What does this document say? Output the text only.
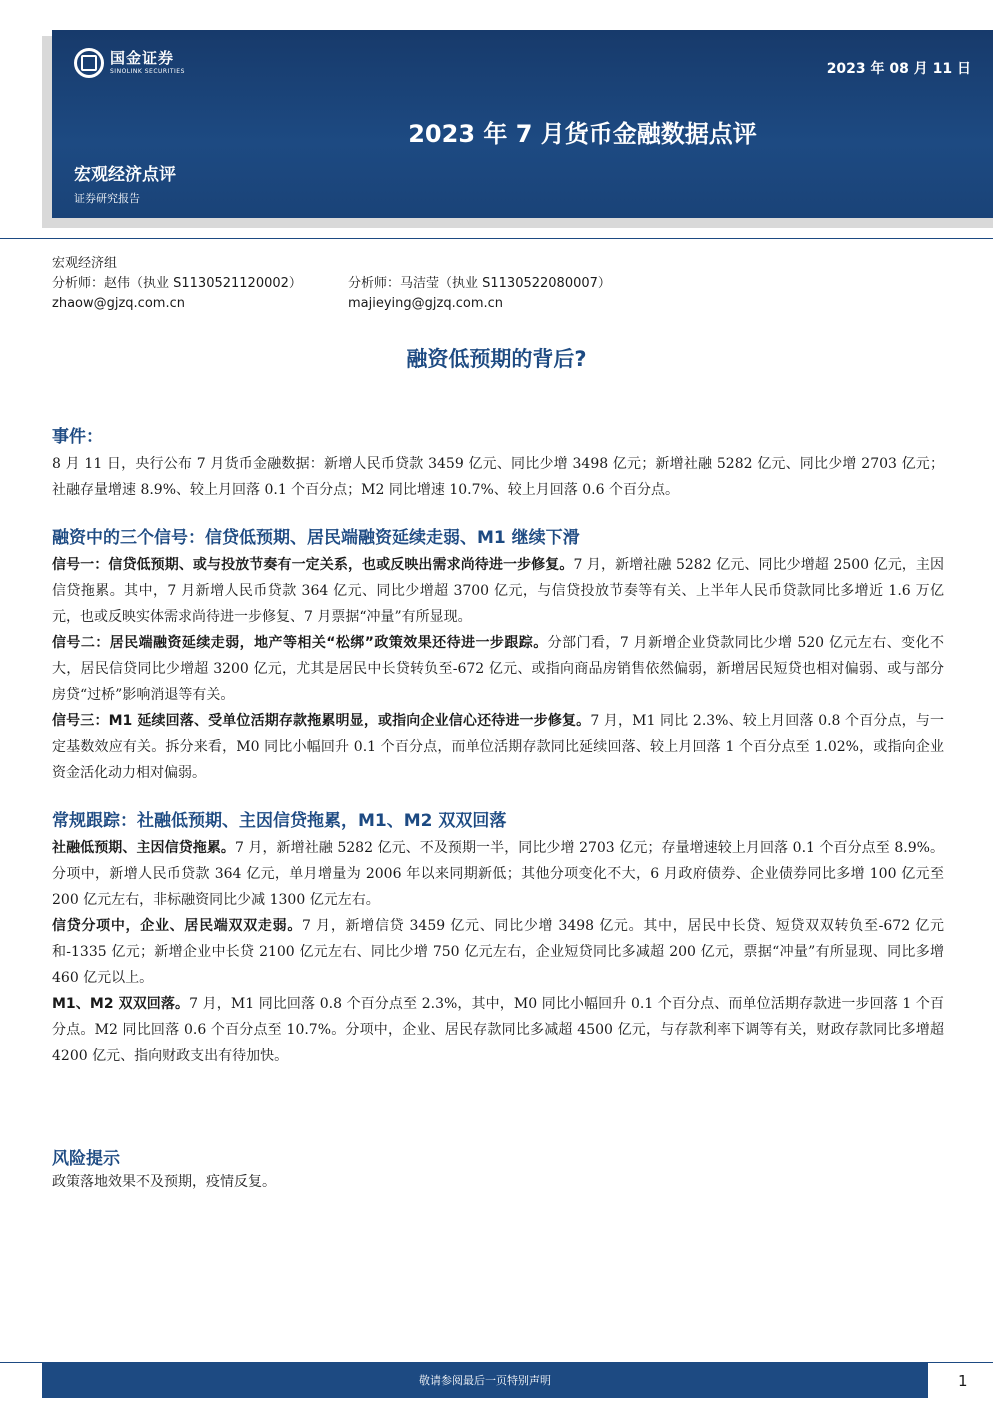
国金证券
SINOLINK SECURITIES	2023 年 08 月 11 日
2023 年 7 月货币金融数据点评
宏观经济点评
证券研究报告
宏观经济组
分析师：赵伟（执业 S1130521120002）
zhaow@gjzq.com.cn
分析师：马洁莹（执业 S1130522080007）
majieying@gjzq.com.cn
融资低预期的背后?
事件：

8 月 11 日，央行公布 7 月货币金融数据：新增人民币贷款 3459 亿元、同比少增 3498 亿元；新增社融 5282 亿元、同比少增 2703 亿元；社融存量增速 8.9%、较上月回落 0.1 个百分点；M2 同比增速 10.7%、较上月回落 0.6 个百分点。

融资中的三个信号：信贷低预期、居民端融资延续走弱、M1 继续下滑

信号一：信贷低预期、或与投放节奏有一定关系，也或反映出需求尚待进一步修复。7 月，新增社融 5282 亿元、同比少增超 2500 亿元，主因信贷拖累。其中，7 月新增人民币贷款 364 亿元、同比少增超 3700 亿元，与信贷投放节奏等有关、上半年人民币贷款同比多增近 1.6 万亿元，也或反映实体需求尚待进一步修复、7 月票据“冲量”有所显现。

信号二：居民端融资延续走弱，地产等相关“松绑”政策效果还待进一步跟踪。分部门看，7 月新增企业贷款同比少增 520 亿元左右、变化不大，居民信贷同比少增超 3200 亿元，尤其是居民中长贷转负至-672 亿元、或指向商品房销售依然偏弱，新增居民短贷也相对偏弱、或与部分房贷“过桥”影响消退等有关。

信号三：M1 延续回落、受单位活期存款拖累明显，或指向企业信心还待进一步修复。7 月，M1 同比 2.3%、较上月回落 0.8 个百分点，与一定基数效应有关。拆分来看，M0 同比小幅回升 0.1 个百分点，而单位活期存款同比延续回落、较上月回落 1 个百分点至 1.02%，或指向企业资金活化动力相对偏弱。

常规跟踪：社融低预期、主因信贷拖累，M1、M2 双双回落

社融低预期、主因信贷拖累。7 月，新增社融 5282 亿元、不及预期一半，同比少增 2703 亿元；存量增速较上月回落 0.1 个百分点至 8.9%。分项中，新增人民币贷款 364 亿元，单月增量为 2006 年以来同期新低；其他分项变化不大，6 月政府债券、企业债券同比多增 100 亿元至 200 亿元左右，非标融资同比少减 1300 亿元左右。

信贷分项中，企业、居民端双双走弱。7 月，新增信贷 3459 亿元、同比少增 3498 亿元。其中，居民中长贷、短贷双双转负至-672 亿元和-1335 亿元；新增企业中长贷 2100 亿元左右、同比少增 750 亿元左右，企业短贷同比多减超 200 亿元，票据“冲量”有所显现、同比多增 460 亿元以上。

M1、M2 双双回落。7 月，M1 同比回落 0.8 个百分点至 2.3%，其中，M0 同比小幅回升 0.1 个百分点、而单位活期存款进一步回落 1 个百分点。M2 同比回落 0.6 个百分点至 10.7%。分项中，企业、居民存款同比多减超 4500 亿元，与存款利率下调等有关，财政存款同比多增超 4200 亿元、指向财政支出有待加快。

风险提示

政策落地效果不及预期，疫情反复。

敬请参阅最后一页特别声明	1
